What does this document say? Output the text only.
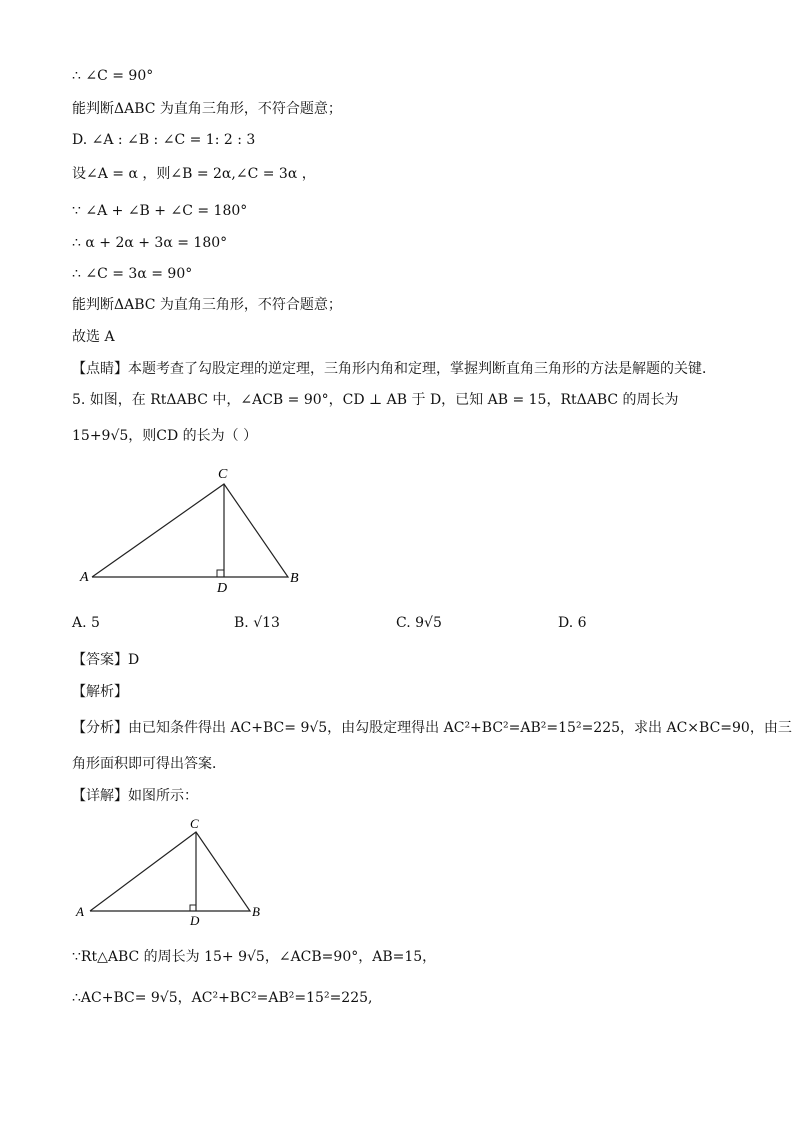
∴ ∠C = 90°
能判断ΔABC 为直角三角形，不符合题意；
D. ∠A : ∠B : ∠C = 1: 2 : 3
设∠A = α ，则∠B = 2α,∠C = 3α ，
∵ ∠A + ∠B + ∠C = 180°
∴ α + 2α + 3α = 180°
∴ ∠C = 3α = 90°
能判断ΔABC 为直角三角形，不符合题意；
故选 A
【点睛】本题考查了勾股定理的逆定理，三角形内角和定理，掌握判断直角三角形的方法是解题的关键．
5. 如图，在 RtΔABC 中，∠ACB = 90°，CD ⊥ AB 于 D，已知 AB = 15，RtΔABC 的周长为
15+9√5，则CD 的长为（ ）
A	B
C
D
A. 5	B. √13	C. 9√5	D. 6
【答案】D
【解析】
【分析】由已知条件得出 AC+BC= 9√5，由勾股定理得出 AC²+BC²=AB²=15²=225，求出 AC×BC=90，由三
角形面积即可得出答案．
【详解】如图所示：
A	B
C
D
∵Rt△ABC 的周长为 15+ 9√5，∠ACB=90°，AB=15，
∴AC+BC= 9√5，AC²+BC²=AB²=15²=225,
